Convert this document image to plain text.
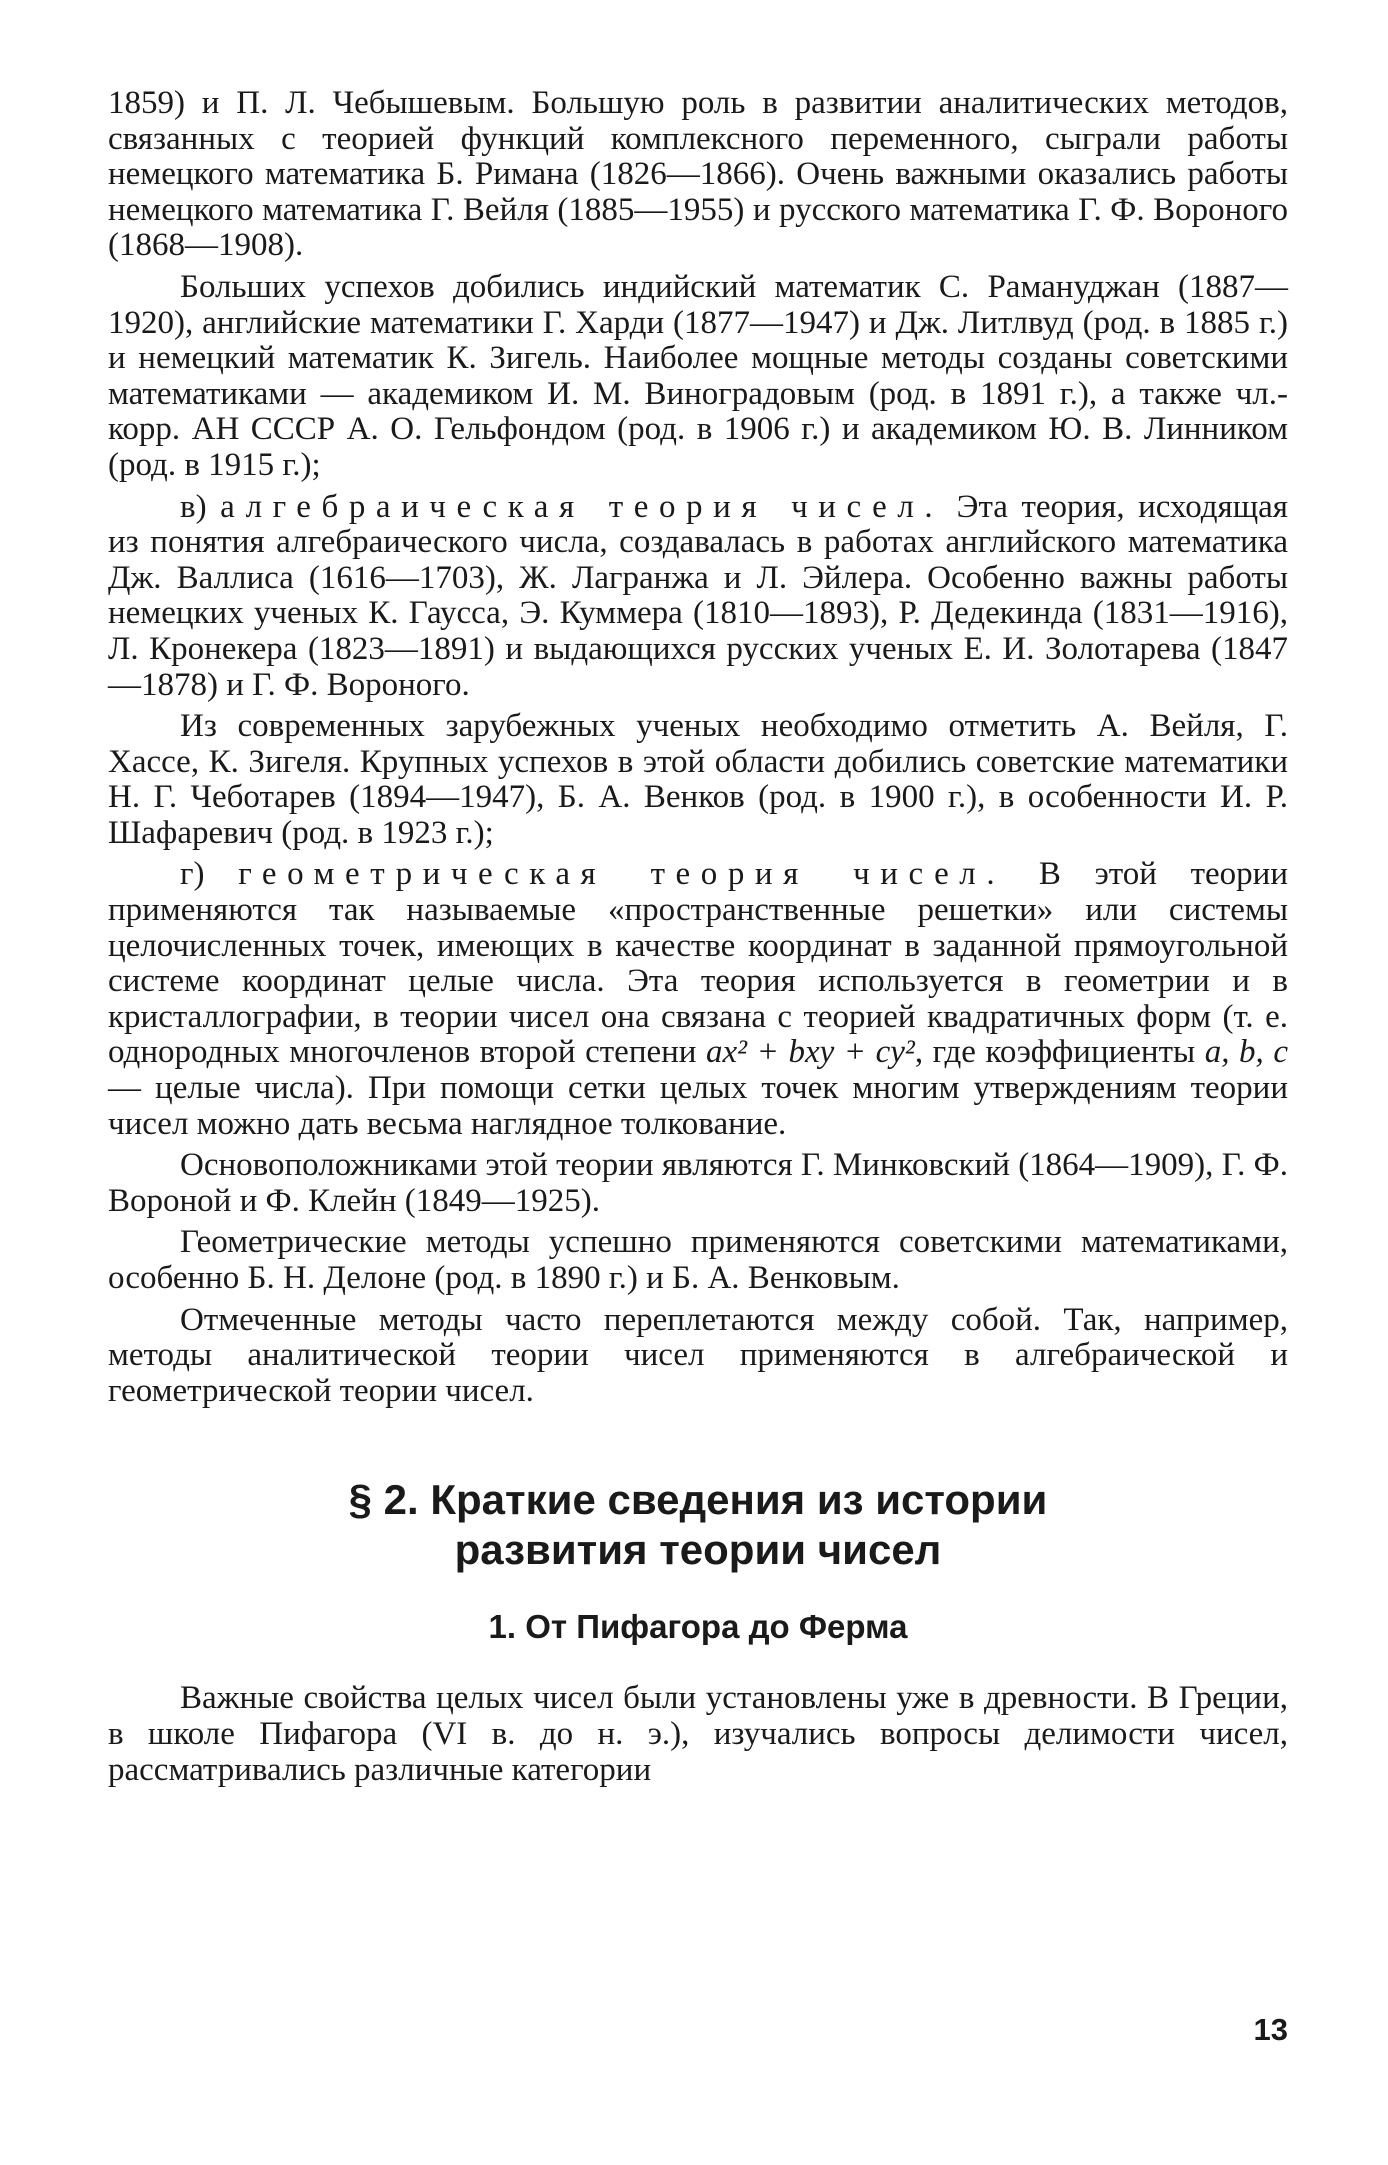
1859) и П. Л. Чебышевым. Большую роль в развитии аналитических методов, связанных с теорией функций комплексного переменного, сыграли работы немецкого математика Б. Римана (1826—1866). Очень важными оказались работы немецкого математика Г. Вейля (1885—1955) и русского математика Г. Ф. Вороного (1868—1908).

Больших успехов добились индийский математик С. Рамануджан (1887—1920), английские математики Г. Харди (1877—1947) и Дж. Литлвуд (род. в 1885 г.) и немецкий математик К. Зигель. Наиболее мощные методы созданы советскими математиками — академиком И. М. Виноградовым (род. в 1891 г.), а также чл.-корр. АН СССР А. О. Гельфондом (род. в 1906 г.) и академиком Ю. В. Линником (род. в 1915 г.);

в) алгебраическая теория чисел. Эта теория, исходящая из понятия алгебраического числа, создавалась в работах английского математика Дж. Валлиса (1616—1703), Ж. Лагранжа и Л. Эйлера. Особенно важны работы немецких ученых К. Гаусса, Э. Куммера (1810—1893), Р. Дедекинда (1831—1916), Л. Кронекера (1823—1891) и выдающихся русских ученых Е. И. Золотарева (1847—1878) и Г. Ф. Вороного.

Из современных зарубежных ученых необходимо отметить А. Вейля, Г. Хассе, К. Зигеля. Крупных успехов в этой области добились советские математики Н. Г. Чеботарев (1894—1947), Б. А. Венков (род. в 1900 г.), в особенности И. Р. Шафаревич (род. в 1923 г.);

г) геометрическая теория чисел. В этой теории применяются так называемые «пространственные решетки» или системы целочисленных точек, имеющих в качестве координат в заданной прямоугольной системе координат целые числа. Эта теория используется в геометрии и в кристаллографии, в теории чисел она связана с теорией квадратичных форм (т. е. однородных многочленов второй степени ax² + bxy + cy², где коэффициенты a, b, c — целые числа). При помощи сетки целых точек многим утверждениям теории чисел можно дать весьма наглядное толкование.

Основоположниками этой теории являются Г. Минковский (1864—1909), Г. Ф. Вороной и Ф. Клейн (1849—1925).

Геометрические методы успешно применяются советскими математиками, особенно Б. Н. Делоне (род. в 1890 г.) и Б. А. Венковым.

Отмеченные методы часто переплетаются между собой. Так, например, методы аналитической теории чисел применяются в алгебраической и геометрической теории чисел.

§ 2. Краткие сведения из истории
развития теории чисел
1. От Пифагора до Ферма

Важные свойства целых чисел были установлены уже в древности. В Греции, в школе Пифагора (VI в. до н. э.), изучались вопросы делимости чисел, рассматривались различные категории

13
